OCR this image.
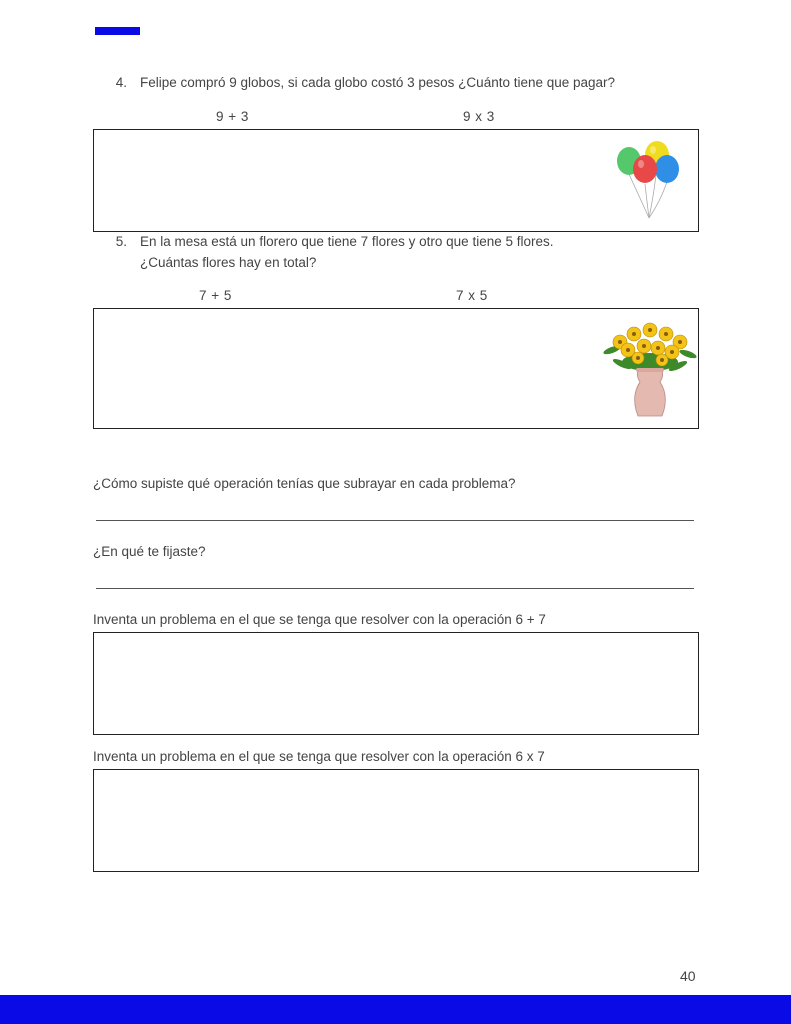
4. Felipe compró 9 globos, si cada globo costó 3 pesos ¿Cuánto tiene que pagar?
9 + 3	9 x 3
5. En la mesa está un florero que tiene 7 flores y otro que tiene 5 flores.
¿Cuántas flores hay en total?
7 + 5	7 x 5
¿Cómo supiste qué operación tenías que subrayar en cada problema?
¿En qué te fijaste?
Inventa un problema en el que se tenga que resolver con la operación 6 + 7
Inventa un problema en el que se tenga que resolver con la operación 6 x 7
40
